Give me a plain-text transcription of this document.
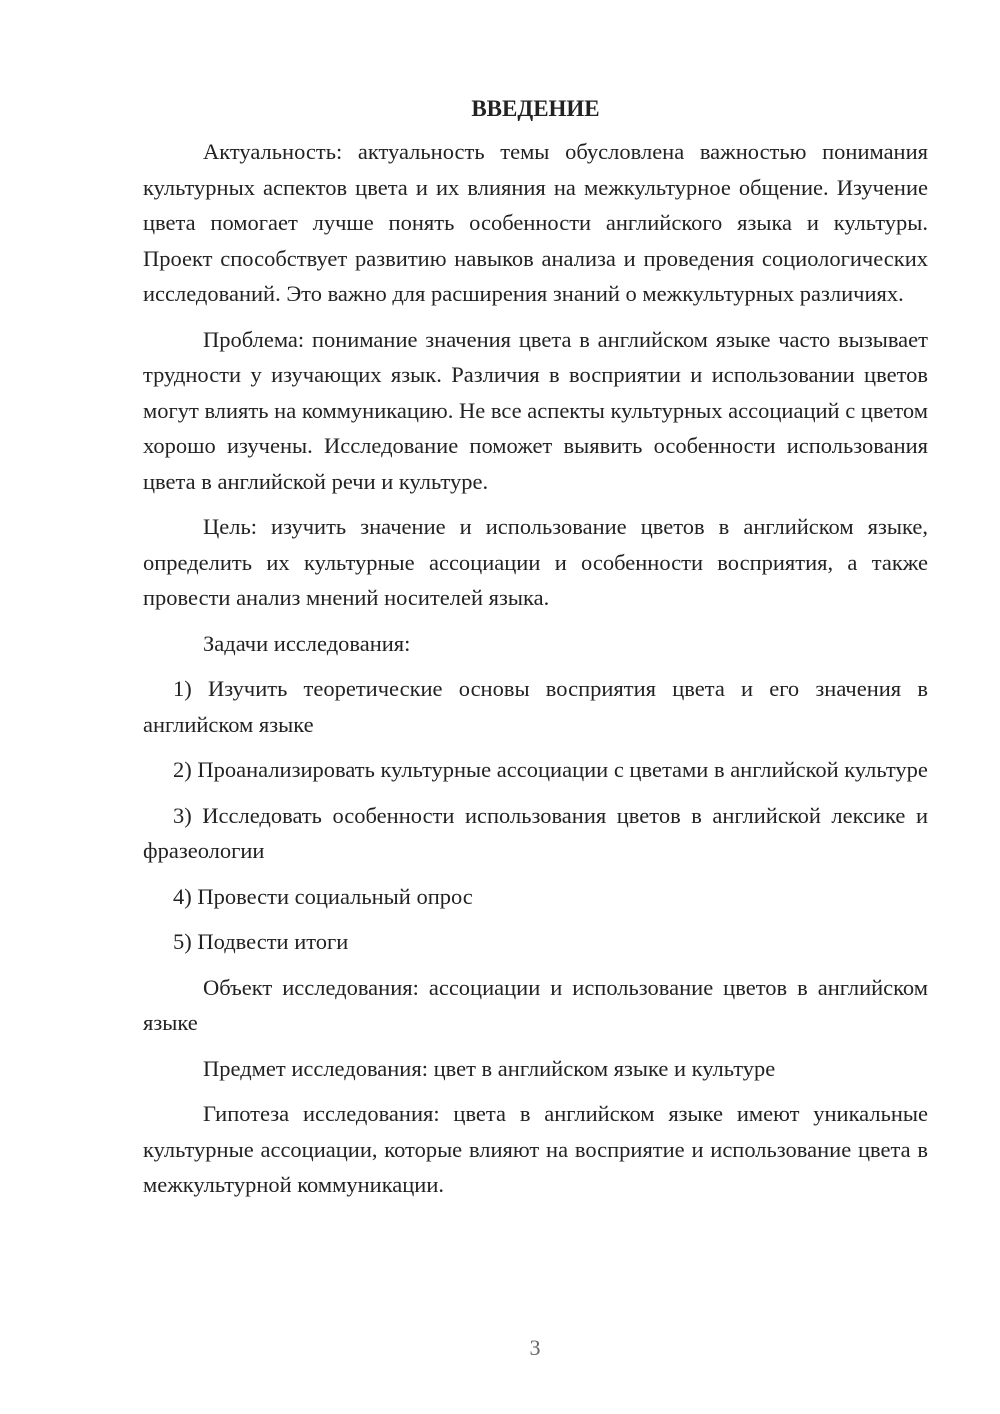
ВВЕДЕНИЕ

Актуальность: актуальность темы обусловлена важностью понимания культурных аспектов цвета и их влияния на межкультурное общение. Изучение цвета помогает лучше понять особенности английского языка и культуры. Проект способствует развитию навыков анализа и проведения социологических исследований. Это важно для расширения знаний о межкультурных различиях.

Проблема: понимание значения цвета в английском языке часто вызывает трудности у изучающих язык. Различия в восприятии и использовании цветов могут влиять на коммуникацию. Не все аспекты культурных ассоциаций с цветом хорошо изучены. Исследование поможет выявить особенности использования цвета в английской речи и культуре.

Цель: изучить значение и использование цветов в английском языке, определить их культурные ассоциации и особенности восприятия, а также провести анализ мнений носителей языка.

Задачи исследования:

1) Изучить теоретические основы восприятия цвета и его значения в английском языке

2) Проанализировать культурные ассоциации с цветами в английской культуре

3) Исследовать особенности использования цветов в английской лексике и фразеологии

4) Провести социальный опрос

5) Подвести итоги

Объект исследования: ассоциации и использование цветов в английском языке

Предмет исследования: цвет в английском языке и культуре

Гипотеза исследования: цвета в английском языке имеют уникальные культурные ассоциации, которые влияют на восприятие и использование цвета в межкультурной коммуникации.

3
